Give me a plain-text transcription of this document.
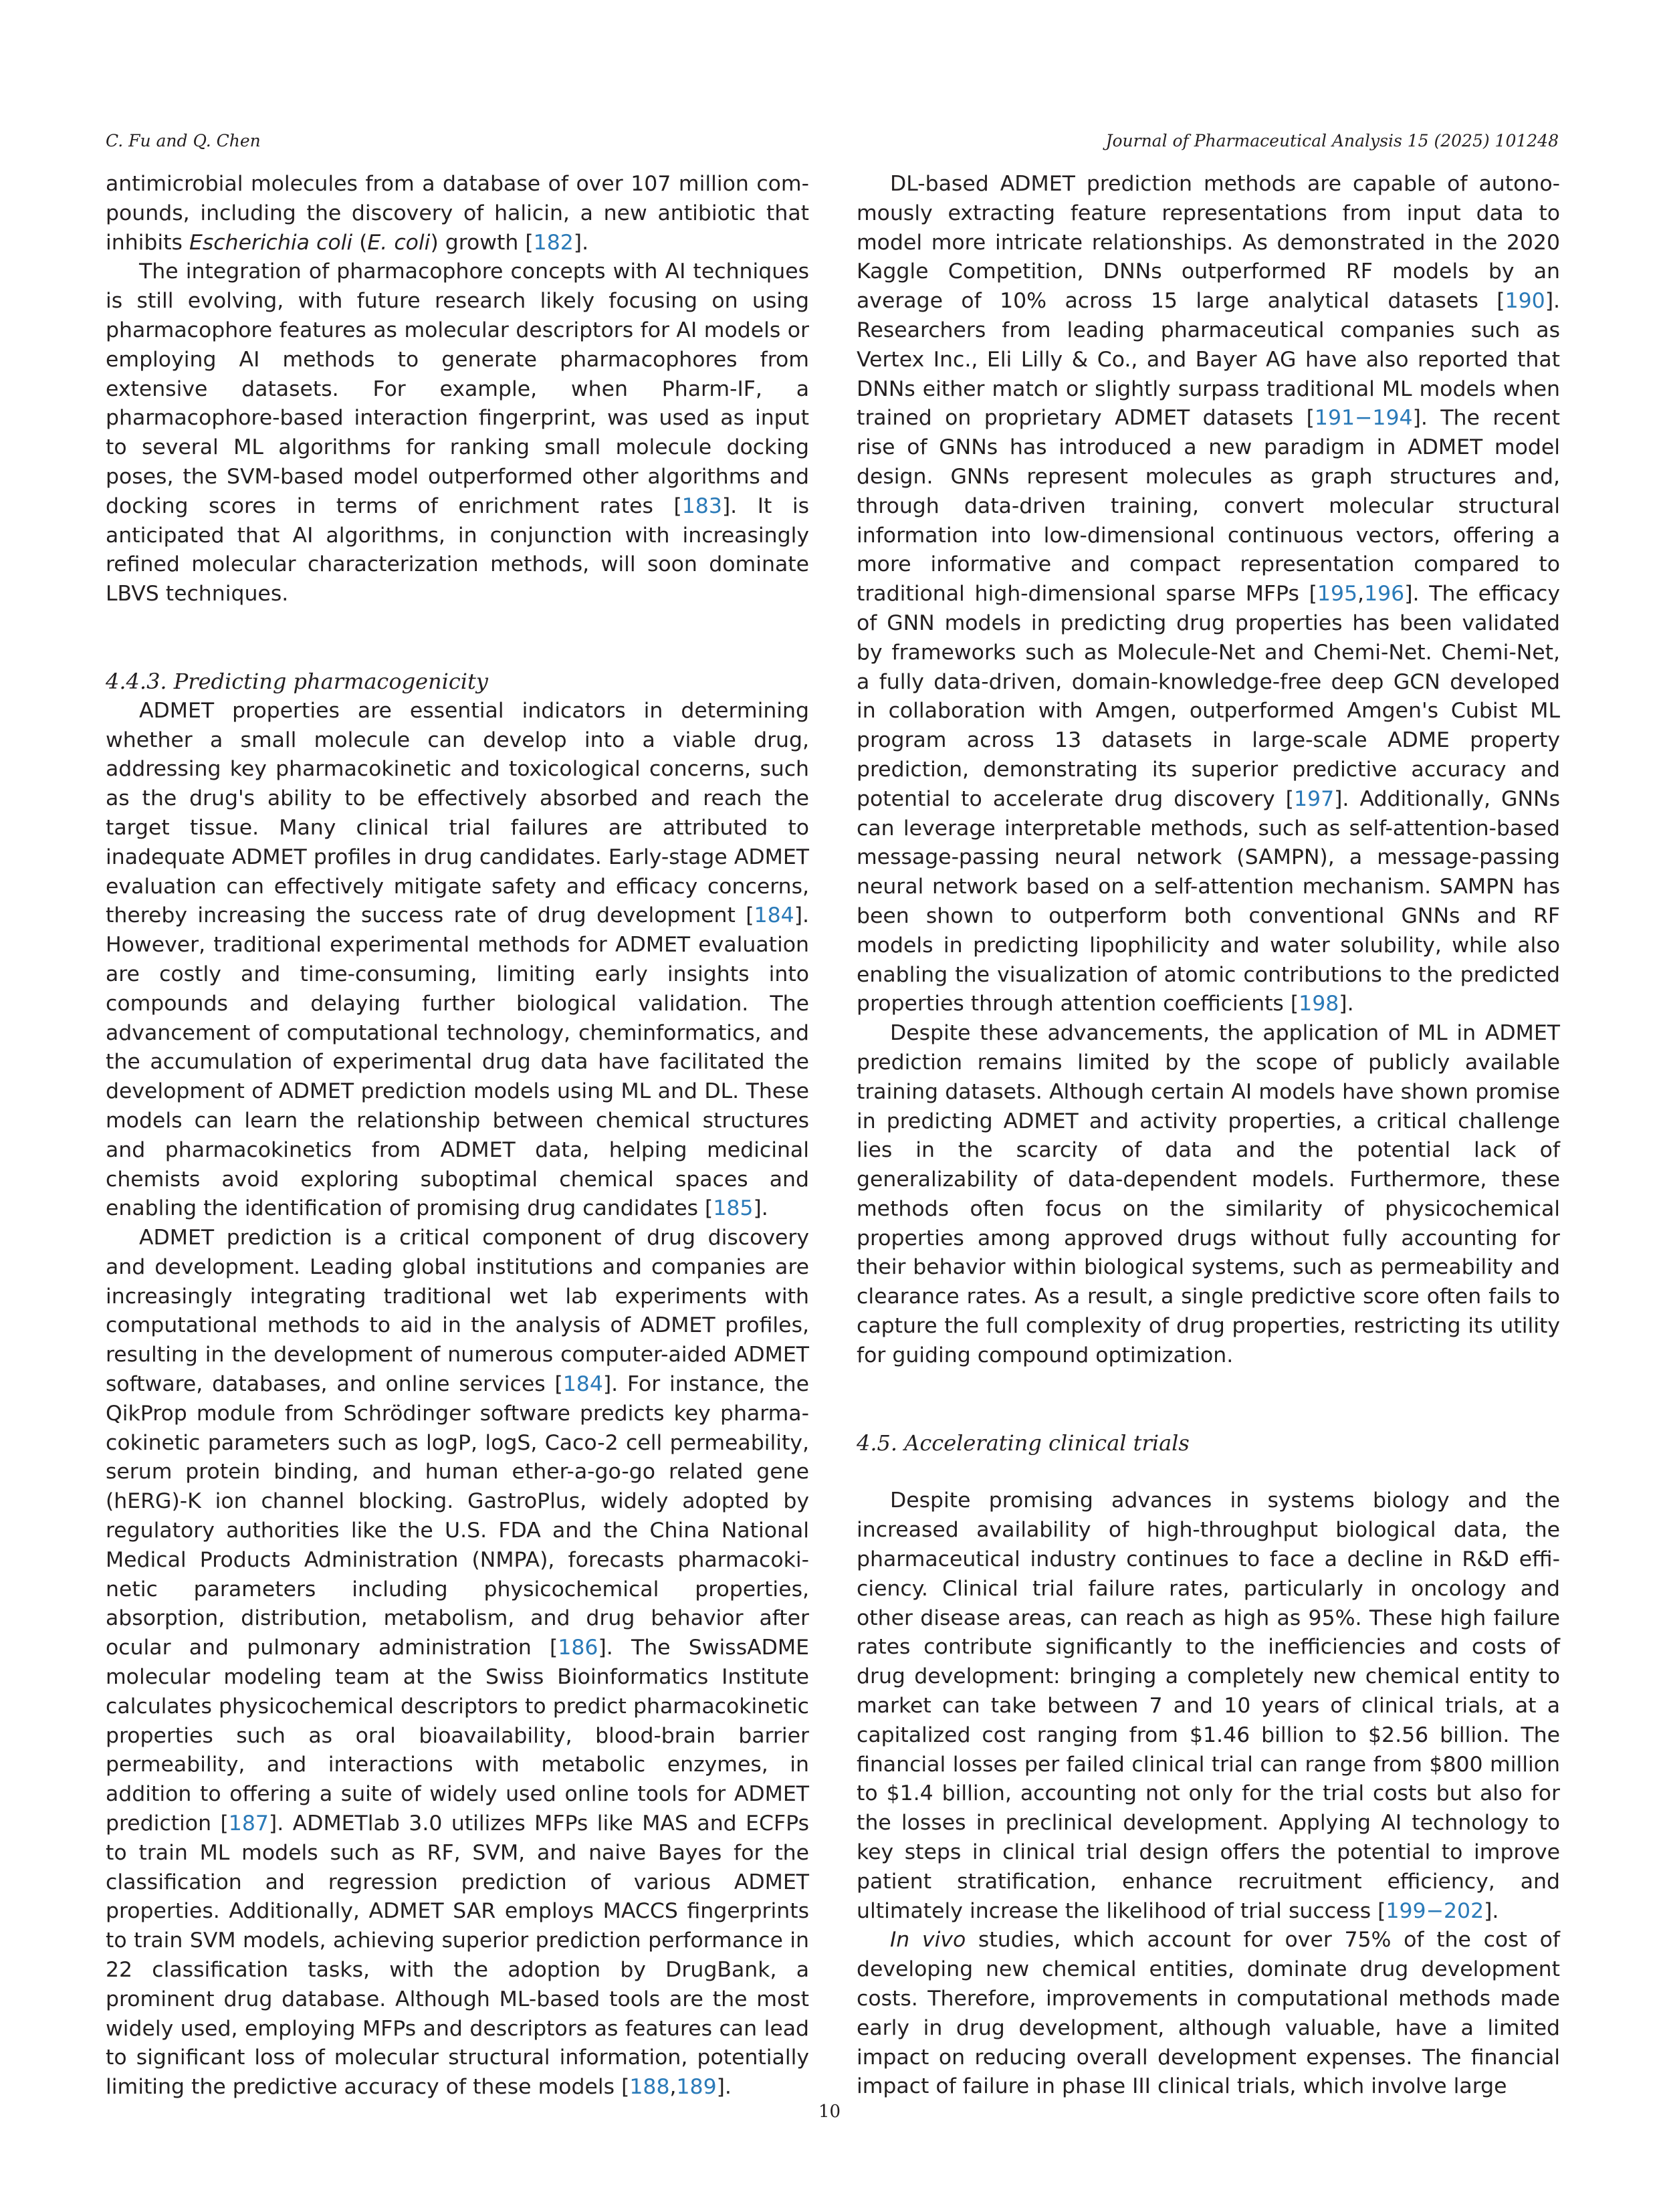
C. Fu and Q. Chen	Journal of Pharmaceutical Analysis 15 (2025) 101248

antimicrobial molecules from a database of over 107 million compounds, including the discovery of halicin, a new antibiotic that inhibits Escherichia coli (E. coli) growth [182].

The integration of pharmacophore concepts with AI techniques is still evolving, with future research likely focusing on using pharmacophore features as molecular descriptors for AI models or employing AI methods to generate pharmacophores from extensive datasets. For example, when Pharm-IF, a pharmacophore-based interaction fingerprint, was used as input to several ML algorithms for ranking small molecule docking poses, the SVM-based model outperformed other algorithms and docking scores in terms of enrichment rates [183]. It is anticipated that AI algorithms, in conjunction with increasingly refined molecular characterization methods, will soon dominate LBVS techniques.

4.4.3. Predicting pharmacogenicity

ADMET properties are essential indicators in determining whether a small molecule can develop into a viable drug, addressing key pharmacokinetic and toxicological concerns, such as the drug's ability to be effectively absorbed and reach the target tissue. Many clinical trial failures are attributed to inadequate ADMET profiles in drug candidates. Early-stage ADMET evaluation can effectively mitigate safety and efficacy concerns, thereby increasing the success rate of drug development [184]. However, traditional experimental methods for ADMET evaluation are costly and time-consuming, limiting early insights into compounds and delaying further biological validation. The advancement of computational technology, cheminformatics, and the accumulation of experimental drug data have facilitated the development of ADMET prediction models using ML and DL. These models can learn the relationship between chemical structures and pharmacokinetics from ADMET data, helping medicinal chemists avoid exploring suboptimal chemical spaces and enabling the identification of promising drug candidates [185].

ADMET prediction is a critical component of drug discovery and development. Leading global institutions and companies are increasingly integrating traditional wet lab experiments with computational methods to aid in the analysis of ADMET profiles, resulting in the development of numerous computer-aided ADMET software, databases, and online services [184]. For instance, the QikProp module from Schrödinger software predicts key pharmacokinetic parameters such as logP, logS, Caco-2 cell permeability, serum protein binding, and human ether-a-go-go related gene (hERG)-K ion channel blocking. GastroPlus, widely adopted by regulatory authorities like the U.S. FDA and the China National Medical Products Administration (NMPA), forecasts pharmacokinetic parameters including physicochemical properties, absorption, distribution, metabolism, and drug behavior after ocular and pulmonary administration [186]. The SwissADME molecular modeling team at the Swiss Bioinformatics Institute calculates physicochemical descriptors to predict pharmacokinetic properties such as oral bioavailability, blood-brain barrier permeability, and interactions with metabolic enzymes, in addition to offering a suite of widely used online tools for ADMET prediction [187]. ADMETlab 3.0 utilizes MFPs like MAS and ECFPs to train ML models such as RF, SVM, and naive Bayes for the classification and regression prediction of various ADMET properties. Additionally, ADMET SAR employs MACCS fingerprints to train SVM models, achieving superior prediction performance in 22 classification tasks, with the adoption by DrugBank, a prominent drug database. Although ML-based tools are the most widely used, employing MFPs and descriptors as features can lead to significant loss of molecular structural information, potentially limiting the predictive accuracy of these models [188,189].

DL-based ADMET prediction methods are capable of autonomously extracting feature representations from input data to model more intricate relationships. As demonstrated in the 2020 Kaggle Competition, DNNs outperformed RF models by an average of 10% across 15 large analytical datasets [190]. Researchers from leading pharmaceutical companies such as Vertex Inc., Eli Lilly & Co., and Bayer AG have also reported that DNNs either match or slightly surpass traditional ML models when trained on proprietary ADMET datasets [191−194]. The recent rise of GNNs has introduced a new paradigm in ADMET model design. GNNs represent molecules as graph structures and, through data-driven training, convert molecular structural information into low-dimensional continuous vectors, offering a more informative and compact representation compared to traditional high-dimensional sparse MFPs [195,196]. The efficacy of GNN models in predicting drug properties has been validated by frameworks such as Molecule-Net and Chemi-Net. Chemi-Net, a fully data-driven, domain-knowledge-free deep GCN developed in collaboration with Amgen, outperformed Amgen's Cubist ML program across 13 datasets in large-scale ADME property prediction, demonstrating its superior predictive accuracy and potential to accelerate drug discovery [197]. Additionally, GNNs can leverage interpretable methods, such as self-attention-based message-passing neural network (SAMPN), a message-passing neural network based on a self-attention mechanism. SAMPN has been shown to outperform both conventional GNNs and RF models in predicting lipophilicity and water solubility, while also enabling the visualization of atomic contributions to the predicted properties through attention coefficients [198].

Despite these advancements, the application of ML in ADMET prediction remains limited by the scope of publicly available training datasets. Although certain AI models have shown promise in predicting ADMET and activity properties, a critical challenge lies in the scarcity of data and the potential lack of generalizability of data-dependent models. Furthermore, these methods often focus on the similarity of physicochemical properties among approved drugs without fully accounting for their behavior within biological systems, such as permeability and clearance rates. As a result, a single predictive score often fails to capture the full complexity of drug properties, restricting its utility for guiding compound optimization.

4.5. Accelerating clinical trials

Despite promising advances in systems biology and the increased availability of high-throughput biological data, the pharmaceutical industry continues to face a decline in R&D efficiency. Clinical trial failure rates, particularly in oncology and other disease areas, can reach as high as 95%. These high failure rates contribute significantly to the inefficiencies and costs of drug development: bringing a completely new chemical entity to market can take between 7 and 10 years of clinical trials, at a capitalized cost ranging from $1.46 billion to $2.56 billion. The financial losses per failed clinical trial can range from $800 million to $1.4 billion, accounting not only for the trial costs but also for the losses in preclinical development. Applying AI technology to key steps in clinical trial design offers the potential to improve patient stratification, enhance recruitment efficiency, and ultimately increase the likelihood of trial success [199−202].

In vivo studies, which account for over 75% of the cost of developing new chemical entities, dominate drug development costs. Therefore, improvements in computational methods made early in drug development, although valuable, have a limited impact on reducing overall development expenses. The financial impact of failure in phase III clinical trials, which involve large

10
